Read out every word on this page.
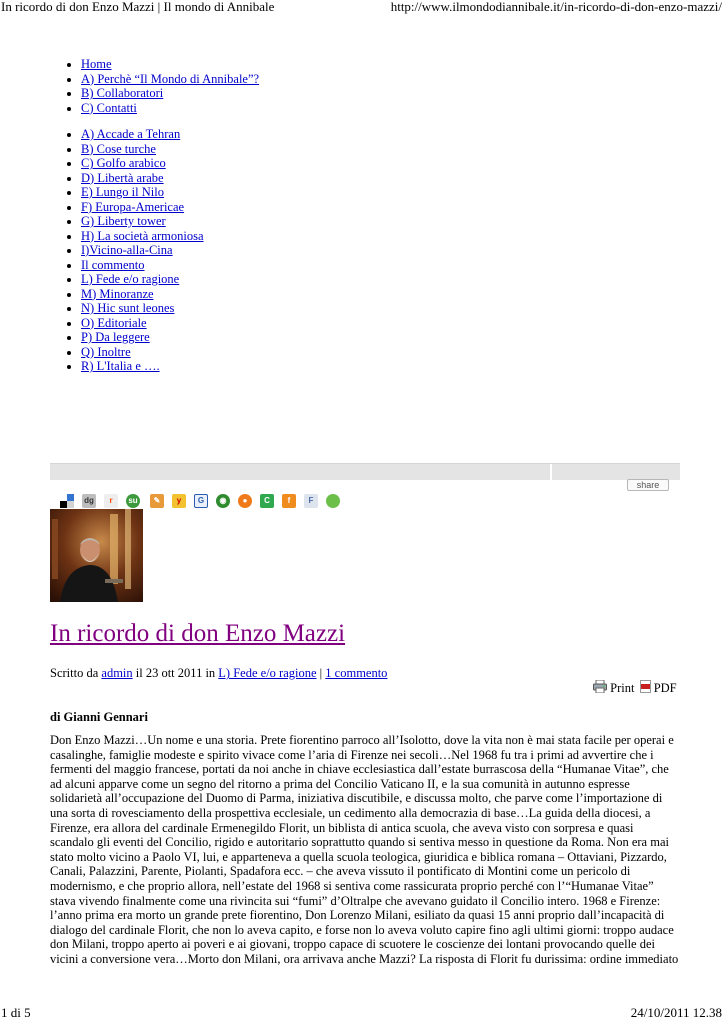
In ricordo di don Enzo Mazzi | Il mondo di Annibale	http://www.ilmondodiannibale.it/in-ricordo-di-don-enzo-mazzi/
• Home
• A) Perchè “Il Mondo di Annibale”?
• B) Collaboratori
• C) Contatti
• A) Accade a Tehran
• B) Cose turche
• C) Golfo arabico
• D) Libertà arabe
• E) Lungo il Nilo
• F) Europa-Americae
• G) Liberty tower
• H) La società armoniosa
• I)Vicino-alla-Cina
• Il commento
• L) Fede e/o ragione
• M) Minoranze
• N) Hic sunt leones
• O) Editoriale
• P) Da leggere
• Q) Inoltre
• R) L'Italia e ….
share
dg	r	su	✎	y	G	◉	●	C	f	F
In ricordo di don Enzo Mazzi
Scritto da admin il 23 ott 2011 in L) Fede e/o ragione | 1 commento
Print PDF
di Gianni Gennari
Don Enzo Mazzi…Un nome e una storia. Prete fiorentino parroco all’Isolotto, dove la vita non è mai stata facile per operai e
casalinghe, famiglie modeste e spirito vivace come l’aria di Firenze nei secoli…Nel 1968 fu tra i primi ad avvertire che i
fermenti del maggio francese, portati da noi anche in chiave ecclesiastica dall’estate burrascosa della “Humanae Vitae”, che
ad alcuni apparve come un segno del ritorno a prima del Concilio Vaticano II, e la sua comunità in autunno espresse
solidarietà all’occupazione del Duomo di Parma, iniziativa discutibile, e discussa molto, che parve come l’importazione di
una sorta di rovesciamento della prospettiva ecclesiale, un cedimento alla democrazia di base…La guida della diocesi, a
Firenze, era allora del cardinale Ermenegildo Florit, un biblista di antica scuola, che aveva visto con sorpresa e quasi
scandalo gli eventi del Concilio, rigido e autoritario soprattutto quando si sentiva messo in questione da Roma. Non era mai
stato molto vicino a Paolo VI, lui, e apparteneva a quella scuola teologica, giuridica e biblica romana – Ottaviani, Pizzardo,
Canali, Palazzini, Parente, Piolanti, Spadafora ecc. – che aveva vissuto il pontificato di Montini come un pericolo di
modernismo, e che proprio allora, nell’estate del 1968 si sentiva come rassicurata proprio perché con l’“Humanae Vitae”
stava vivendo finalmente come una rivincita sui “fumi” d’Oltralpe che avevano guidato il Concilio intero. 1968 e Firenze:
l’anno prima era morto un grande prete fiorentino, Don Lorenzo Milani, esiliato da quasi 15 anni proprio dall’incapacità di
dialogo del cardinale Florit, che non lo aveva capito, e forse non lo aveva voluto capire fino agli ultimi giorni: troppo audace
don Milani, troppo aperto ai poveri e ai giovani, troppo capace di scuotere le coscienze dei lontani provocando quelle dei
vicini a conversione vera…Morto don Milani, ora arrivava anche Mazzi? La risposta di Florit fu durissima: ordine immediato
1 di 5	24/10/2011 12.38
